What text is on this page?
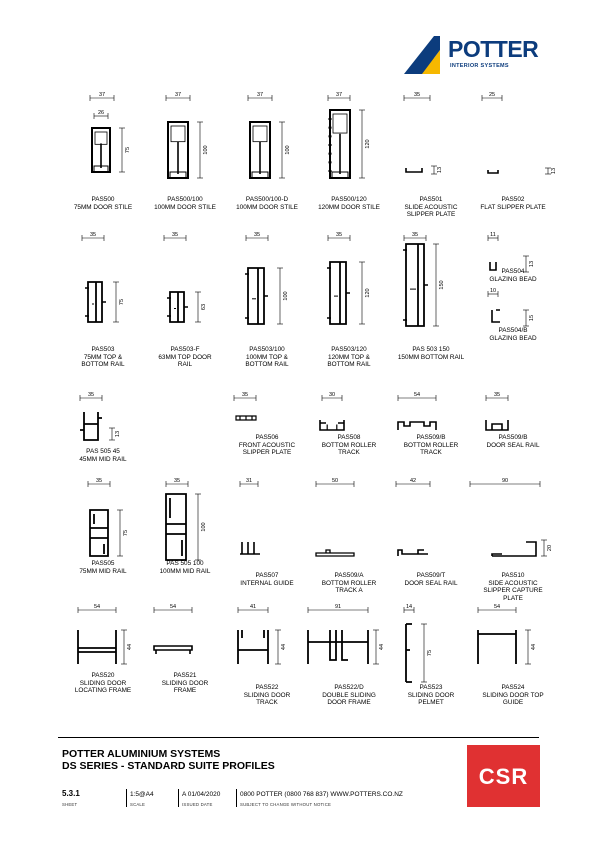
POTTER
INTERIOR SYSTEMS
37
26
75
PAS500
75MM DOOR STILE
37
100
PAS500/100
100MM DOOR STILE
37
100
PAS500/100-D
100MM DOOR STILE
37
120
PAS500/120
120MM DOOR STILE
35
13
PAS501
SLIDE ACOUSTIC
SLIPPER PLATE
25
13
PAS502
FLAT SLIPPER PLATE
35
75
PAS503
75MM TOP &
BOTTOM RAIL
35
63
PAS503-F
63MM TOP DOOR
RAIL
35
100
PAS503/100
100MM TOP &
BOTTOM RAIL
35
120
PAS503/120
120MM TOP &
BOTTOM RAIL
35
150
PAS 503 150
150MM BOTTOM RAIL
11
13
10
15
PAS504
GLAZING BEAD
PAS504/B
GLAZING BEAD
35
13
PAS 505 45
45MM MID RAIL
35
PAS506
FRONT ACOUSTIC
SLIPPER PLATE
30
PAS508
BOTTOM ROLLER
TRACK
54
PAS509/B
BOTTOM ROLLER
TRACK
35
PAS509/B
DOOR SEAL RAIL
35
75
PAS505
75MM MID RAIL
35
100
PAS 505 100
100MM MID RAIL
31
PAS507
INTERNAL GUIDE
50
PAS509/A
BOTTOM ROLLER
TRACK A
42
PAS509/T
DOOR SEAL RAIL
90
20
PAS510
SIDE ACOUSTIC
SLIPPER CAPTURE
PLATE
54
44
PAS520
SLIDING DOOR
LOCATING FRAME
54
PAS521
SLIDING DOOR
FRAME
41
44
PAS522
SLIDING DOOR
TRACK
91
44
PAS522/D
DOUBLE SLIDING
DOOR FRAME
14
75
PAS523
SLIDING DOOR
PELMET
54
44
PAS524
SLIDING DOOR TOP
GUIDE
POTTER ALUMINIUM SYSTEMS
DS SERIES - STANDARD SUITE PROFILES
5.3.1
SHEET
1:5@A4
SCALE
A 01/04/2020
ISSUED DATE
0800 POTTER (0800 768 837) WWW.POTTERS.CO.NZ
SUBJECT TO CHANGE WITHOUT NOTICE
CSR
